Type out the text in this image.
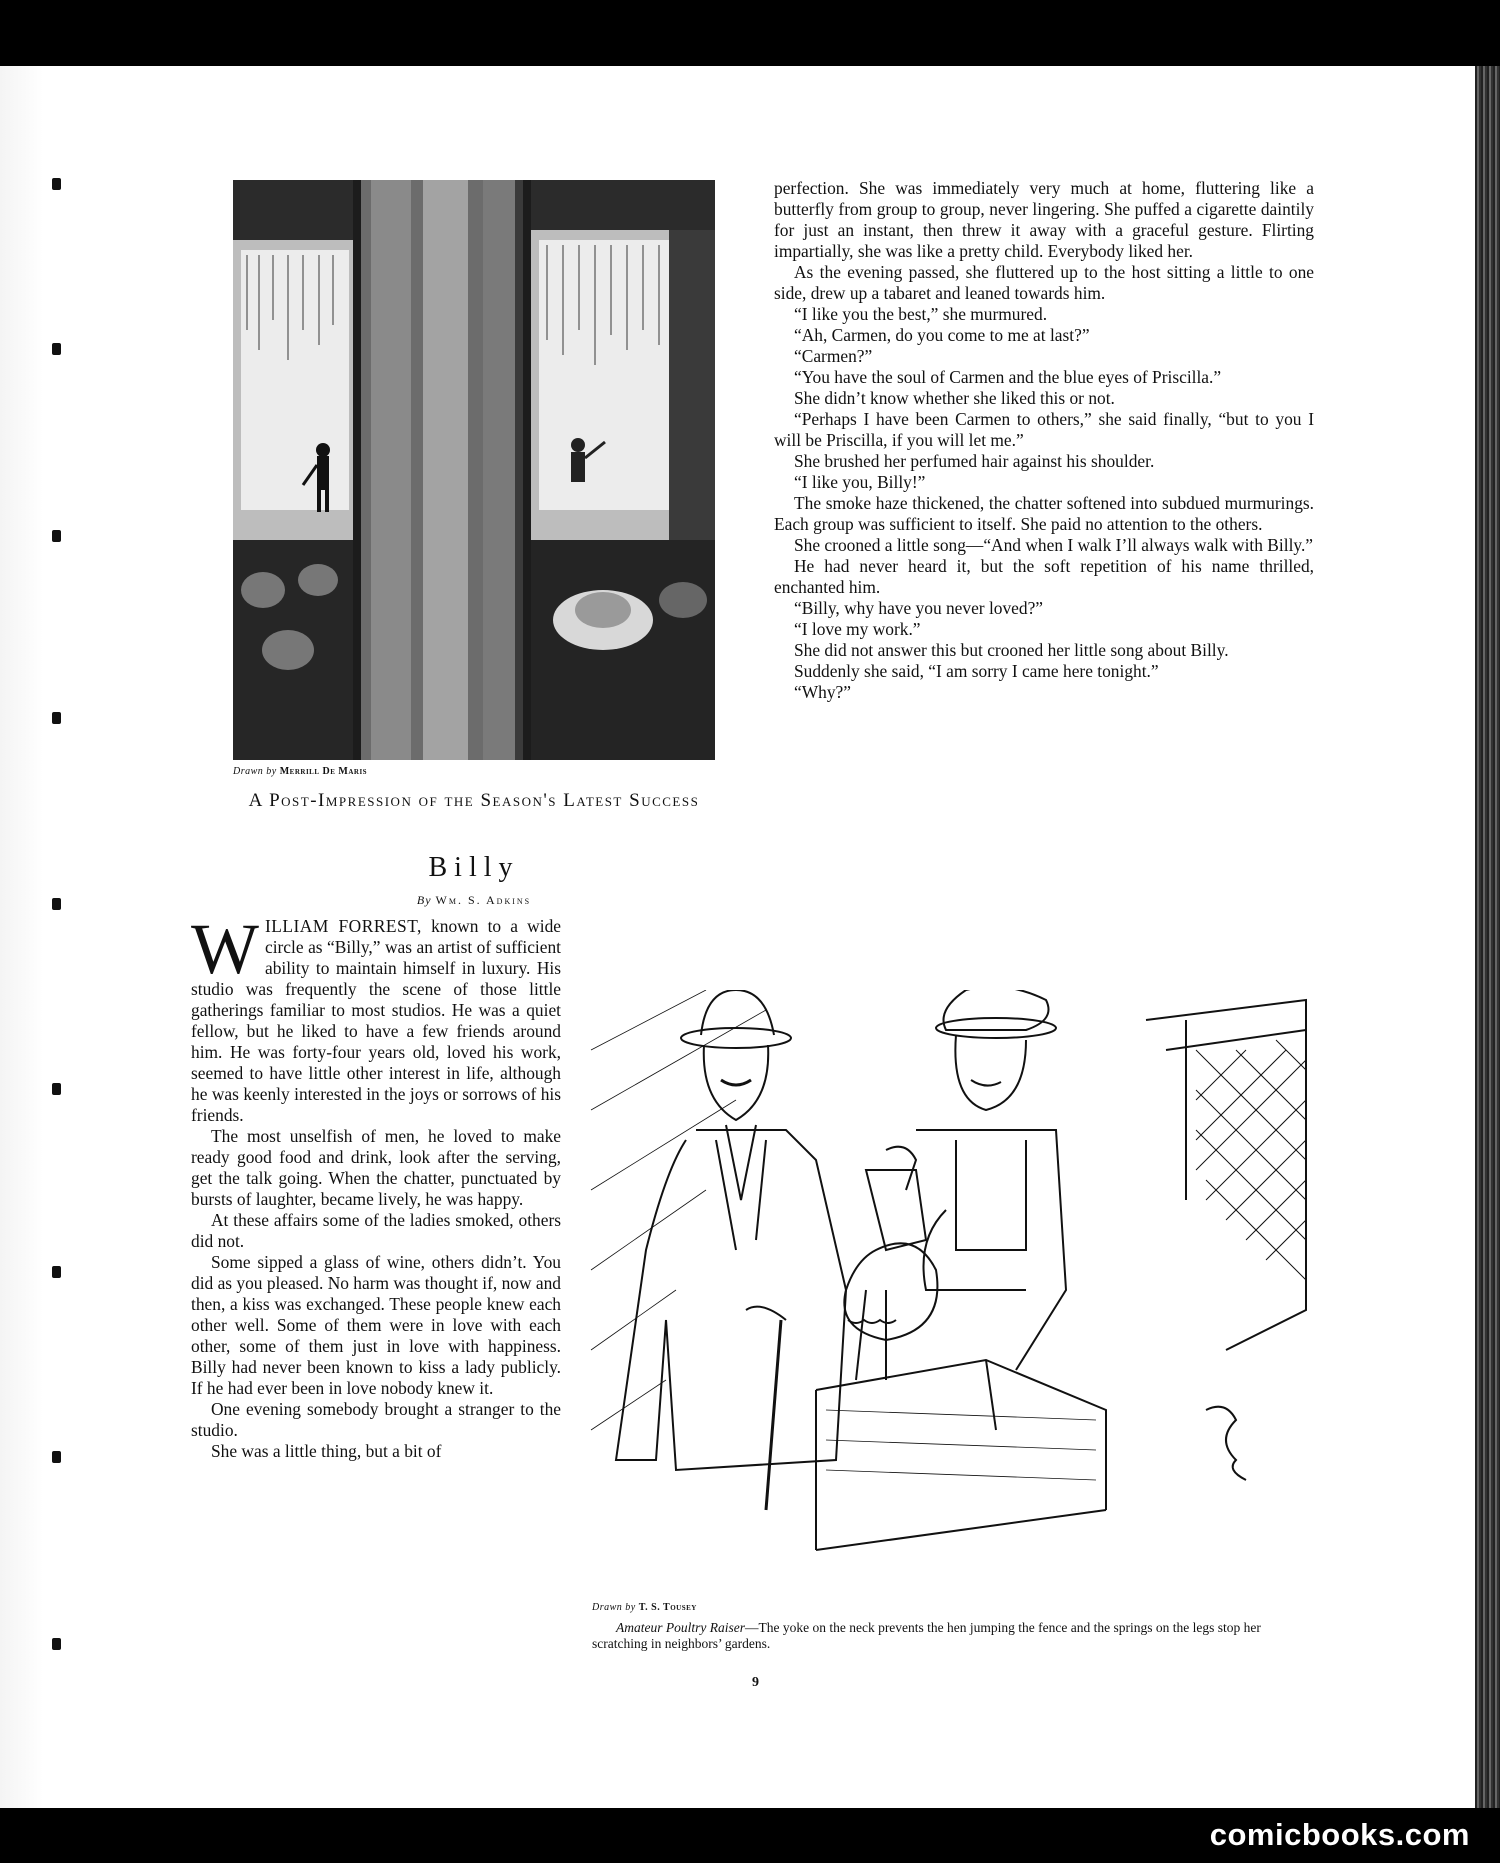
Drawn by Merrill De Maris
A Post-Impression of the Season's Latest Success
Billy
By Wm. S. Adkins

WILLIAM FORREST, known to a wide circle as “Billy,” was an artist of sufficient ability to maintain himself in luxury. His studio was frequently the scene of those little gatherings familiar to most studios. He was a quiet fellow, but he liked to have a few friends around him. He was forty-four years old, loved his work, seemed to have little other interest in life, although he was keenly interested in the joys or sorrows of his friends.

The most unselfish of men, he loved to make ready good food and drink, look after the serving, get the talk going. When the chatter, punctuated by bursts of laughter, became lively, he was happy.

At these affairs some of the ladies smoked, others did not.

Some sipped a glass of wine, others didn’t. You did as you pleased. No harm was thought if, now and then, a kiss was exchanged. These people knew each other well. Some of them were in love with each other, some of them just in love with happiness. Billy had never been known to kiss a lady publicly. If he had ever been in love nobody knew it.

One evening somebody brought a stranger to the studio.

She was a little thing, but a bit of

perfection. She was immediately very much at home, fluttering like a butterfly from group to group, never lingering. She puffed a cigarette daintily for just an instant, then threw it away with a graceful gesture. Flirting impartially, she was like a pretty child. Everybody liked her.

As the evening passed, she fluttered up to the host sitting a little to one side, drew up a tabaret and leaned towards him.

“I like you the best,” she murmured.

“Ah, Carmen, do you come to me at last?”

“Carmen?”

“You have the soul of Carmen and the blue eyes of Priscilla.”

She didn’t know whether she liked this or not.

“Perhaps I have been Carmen to others,” she said finally, “but to you I will be Priscilla, if you will let me.”

She brushed her perfumed hair against his shoulder.

“I like you, Billy!”

The smoke haze thickened, the chatter softened into subdued murmurings. Each group was sufficient to itself. She paid no attention to the others.

She crooned a little song—“And when I walk I’ll always walk with Billy.”

He had never heard it, but the soft repetition of his name thrilled, enchanted him.

“Billy, why have you never loved?”

“I love my work.”

She did not answer this but crooned her little song about Billy.

Suddenly she said, “I am sorry I came here tonight.”

“Why?”

Drawn by T. S. Tousey
Amateur Poultry Raiser—The yoke on the neck prevents the hen jumping the fence and the springs on the legs stop her scratching in neighbors’ gardens.
9
comicbooks.com
